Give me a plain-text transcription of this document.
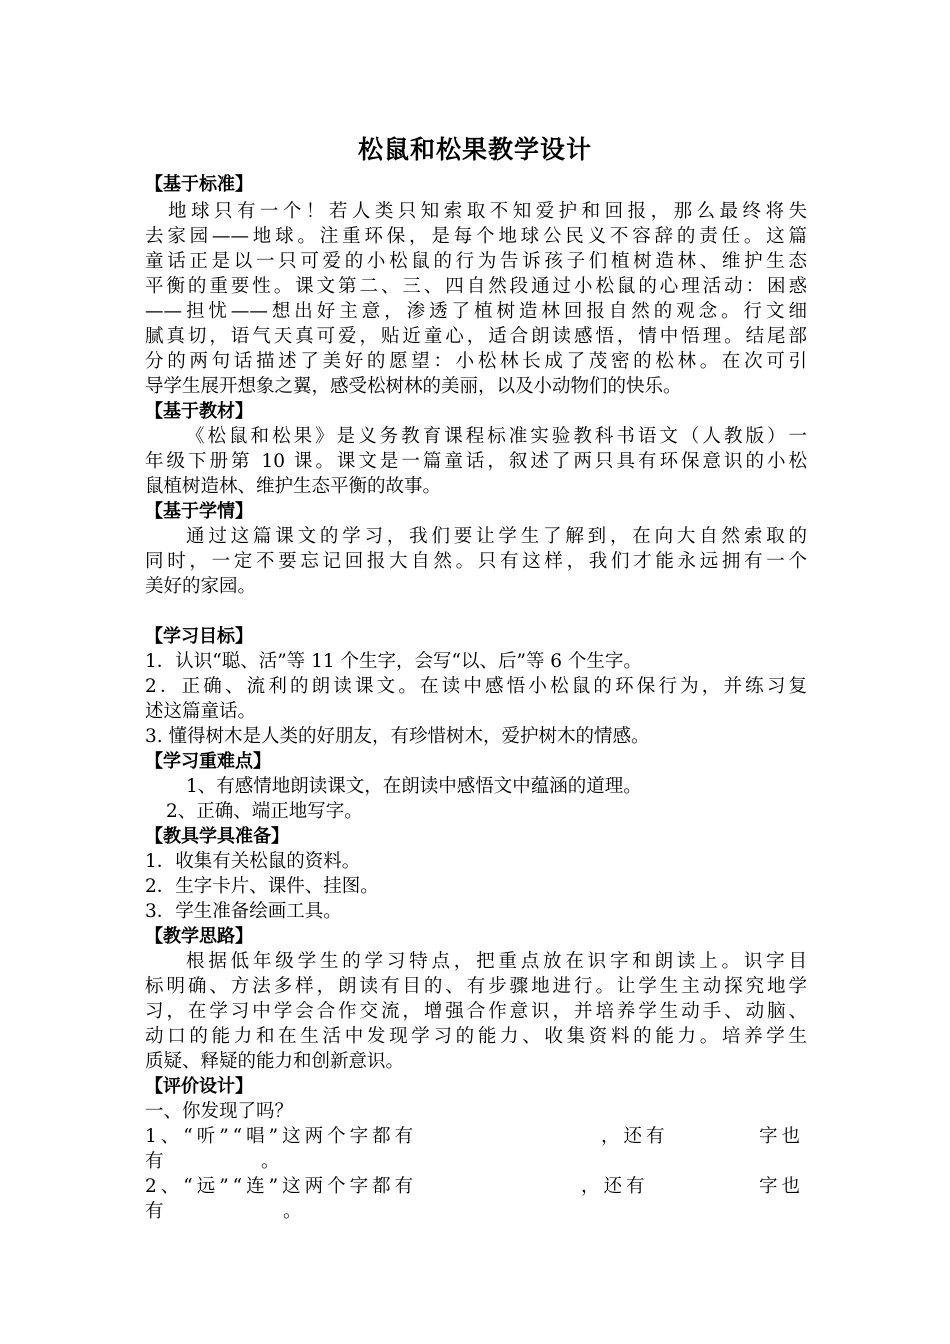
松鼠和松果教学设计
【基于标准】
地球只有一个！若人类只知索取不知爱护和回报，那么最终将失
去家园——地球。注重环保，是每个地球公民义不容辞的责任。这篇
童话正是以一只可爱的小松鼠的行为告诉孩子们植树造林、维护生态
平衡的重要性。课文第二、三、四自然段通过小松鼠的心理活动：困惑
——担忧——想出好主意，渗透了植树造林回报自然的观念。行文细
腻真切，语气天真可爱，贴近童心，适合朗读感悟，情中悟理。结尾部
分的两句话描述了美好的愿望：小松林长成了茂密的松林。在次可引
导学生展开想象之翼，感受松树林的美丽，以及小动物们的快乐。
【基于教材】
《松鼠和松果》是义务教育课程标准实验教科书语文（人教版）一
年级下册第 10 课。课文是一篇童话，叙述了两只具有环保意识的小松
鼠植树造林、维护生态平衡的故事。
【基于学情】
通过这篇课文的学习，我们要让学生了解到，在向大自然索取的
同时，一定不要忘记回报大自然。只有这样，我们才能永远拥有一个
美好的家园。
【学习目标】
1．认识“聪、活”等 11 个生字，会写“以、后”等 6 个生字。
2．正确、流利的朗读课文。在读中感悟小松鼠的环保行为，并练习复
述这篇童话。
3. 懂得树木是人类的好朋友，有珍惜树木，爱护树木的情感。
【学习重难点】
1、有感情地朗读课文，在朗读中感悟文中蕴涵的道理。
2、正确、端正地写字。
【教具学具准备】
1．收集有关松鼠的资料。
2．生字卡片、课件、挂图。
3．学生准备绘画工具。
【教学思路】
根据低年级学生的学习特点，把重点放在识字和朗读上。识字目
标明确、方法多样，朗读有目的、有步骤地进行。让学生主动探究地学
习，在学习中学会合作交流，增强合作意识，并培养学生动手、动脑、
动口的能力和在生活中发现学习的能力、收集资料的能力。培养学生
质疑、释疑的能力和创新意识。
【评价设计】
一、你发现了吗？
1、“听”“唱”这两个字都有	，还有	字也
有	。
2、“远”“连”这两个字都有	，还有	字也
有	。
